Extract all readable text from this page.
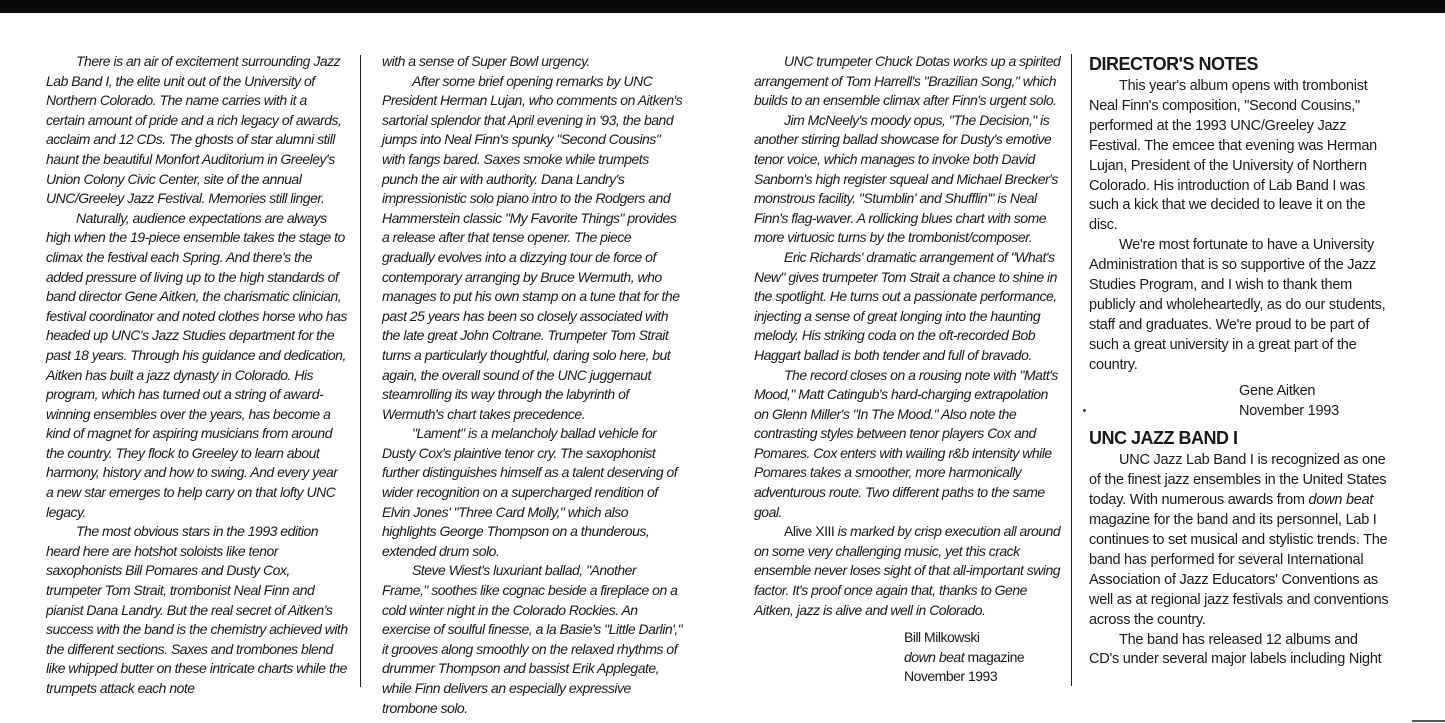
There is an air of excitement surrounding Jazz Lab Band I, the elite unit out of the University of Northern Colorado. The name carries with it a certain amount of pride and a rich legacy of awards, acclaim and 12 CDs. The ghosts of star alumni still haunt the beautiful Monfort Auditorium in Greeley's Union Colony Civic Center, site of the annual UNC/Greeley Jazz Festival. Memories still linger.

Naturally, audience expectations are always high when the 19-piece ensemble takes the stage to climax the festival each Spring. And there's the added pressure of living up to the high standards of band director Gene Aitken, the charismatic clinician, festival coordinator and noted clothes horse who has headed up UNC's Jazz Studies department for the past 18 years. Through his guidance and dedication, Aitken has built a jazz dynasty in Colorado. His program, which has turned out a string of award-winning ensembles over the years, has become a kind of magnet for aspiring musicians from around the country. They flock to Greeley to learn about harmony, history and how to swing. And every year a new star emerges to help carry on that lofty UNC legacy.

The most obvious stars in the 1993 edition heard here are hotshot soloists like tenor saxophonists Bill Pomares and Dusty Cox, trumpeter Tom Strait, trombonist Neal Finn and pianist Dana Landry. But the real secret of Aitken's success with the band is the chemistry achieved with the different sections. Saxes and trombones blend like whipped butter on these intricate charts while the trumpets attack each note

with a sense of Super Bowl urgency.

After some brief opening remarks by UNC President Herman Lujan, who comments on Aitken's sartorial splendor that April evening in '93, the band jumps into Neal Finn's spunky "Second Cousins" with fangs bared. Saxes smoke while trumpets punch the air with authority. Dana Landry's impressionistic solo piano intro to the Rodgers and Hammerstein classic "My Favorite Things" provides a release after that tense opener. The piece gradually evolves into a dizzying tour de force of contemporary arranging by Bruce Wermuth, who manages to put his own stamp on a tune that for the past 25 years has been so closely associated with the late great John Coltrane. Trumpeter Tom Strait turns a particularly thoughtful, daring solo here, but again, the overall sound of the UNC juggernaut steamrolling its way through the labyrinth of Wermuth's chart takes precedence.

"Lament" is a melancholy ballad vehicle for Dusty Cox's plaintive tenor cry. The saxophonist further distinguishes himself as a talent deserving of wider recognition on a supercharged rendition of Elvin Jones' "Three Card Molly," which also highlights George Thompson on a thunderous, extended drum solo.

Steve Wiest's luxuriant ballad, "Another Frame," soothes like cognac beside a fireplace on a cold winter night in the Colorado Rockies. An exercise of soulful finesse, a la Basie's "Little Darlin'," it grooves along smoothly on the relaxed rhythms of drummer Thompson and bassist Erik Applegate, while Finn delivers an especially expressive trombone solo.

UNC trumpeter Chuck Dotas works up a spirited arrangement of Tom Harrell's "Brazilian Song," which builds to an ensemble climax after Finn's urgent solo.

Jim McNeely's moody opus, "The Decision," is another stirring ballad showcase for Dusty's emotive tenor voice, which manages to invoke both David Sanborn's high register squeal and Michael Brecker's monstrous facility. "Stumblin' and Shufflin'" is Neal Finn's flag-waver. A rollicking blues chart with some more virtuosic turns by the trombonist/composer.

Eric Richards' dramatic arrangement of "What's New" gives trumpeter Tom Strait a chance to shine in the spotlight. He turns out a passionate performance, injecting a sense of great longing into the haunting melody. His striking coda on the oft-recorded Bob Haggart ballad is both tender and full of bravado.

The record closes on a rousing note with "Matt's Mood," Matt Catingub's hard-charging extrapolation on Glenn Miller's "In The Mood." Also note the contrasting styles between tenor players Cox and Pomares. Cox enters with wailing r&b intensity while Pomares takes a smoother, more harmonically adventurous route. Two different paths to the same goal.

Alive XIII is marked by crisp execution all around on some very challenging music, yet this crack ensemble never loses sight of that all-important swing factor. It's proof once again that, thanks to Gene Aitken, jazz is alive and well in Colorado.

Bill Milkowski
down beat magazine
November 1993
DIRECTOR'S NOTES

This year's album opens with trombonist Neal Finn's composition, "Second Cousins," performed at the 1993 UNC/Greeley Jazz Festival. The emcee that evening was Herman Lujan, President of the University of Northern Colorado. His introduction of Lab Band I was such a kick that we decided to leave it on the disc.

We're most fortunate to have a University Administration that is so supportive of the Jazz Studies Program, and I wish to thank them publicly and wholeheartedly, as do our students, staff and graduates. We're proud to be part of such a great university in a great part of the country.

Gene Aitken
November 1993
UNC JAZZ BAND I

UNC Jazz Lab Band I is recognized as one of the finest jazz ensembles in the United States today. With numerous awards from down beat magazine for the band and its personnel, Lab I continues to set musical and stylistic trends. The band has performed for several International Association of Jazz Educators' Conventions as well as at regional jazz festivals and conventions across the country.

The band has released 12 albums and CD's under several major labels including Night
